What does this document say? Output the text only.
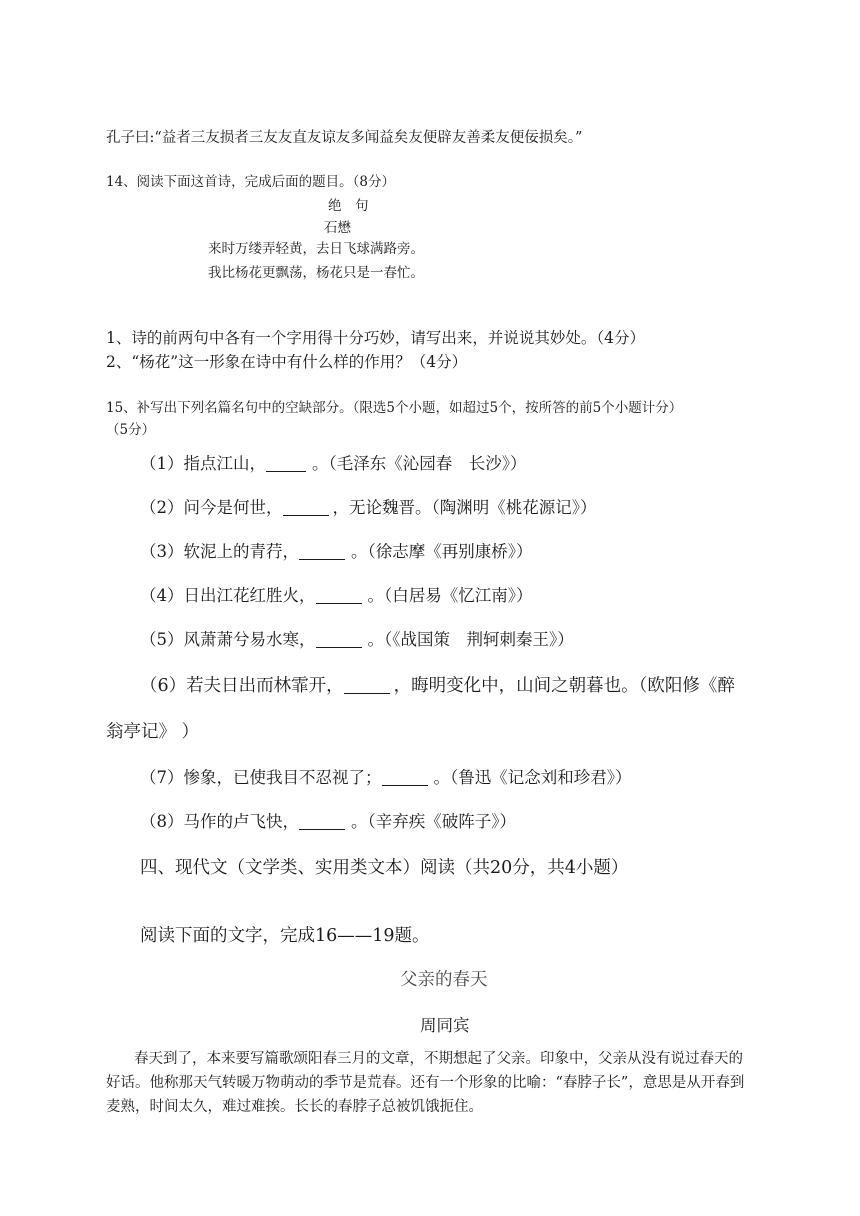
孔子曰:“益者三友损者三友友直友谅友多闻益矣友便辟友善柔友便佞损矣。”
14、阅读下面这首诗，完成后面的题目。（8分）
绝　句
石懋
来时万缕弄轻黄，去日飞球满路旁。
我比杨花更飘荡，杨花只是一春忙。
1、诗的前两句中各有一个字用得十分巧妙，请写出来，并说说其妙处。（4分）
2、“杨花”这一形象在诗中有什么样的作用？（4分）
15、补写出下列名篇名句中的空缺部分。（限选5个小题，如超过5个，按所答的前5个小题计分）
（5分）
（1）指点江山，	。（毛泽东《沁园春　长沙》）
（2）问今是何世，	，无论魏晋。（陶渊明《桃花源记》）
（3）软泥上的青荇，	。（徐志摩《再别康桥》）
（4）日出江花红胜火，	。（白居易《忆江南》）
（5）风萧萧兮易水寒，	。（《战国策　荆轲刺秦王》）
（6）若夫日出而林霏开，	，晦明变化中，山间之朝暮也。（欧阳修《醉
翁亭记》 ）
（7）惨象，已使我目不忍视了；	。（鲁迅《记念刘和珍君》）
（8）马作的卢飞快，	。（辛弃疾《破阵子》）
四、现代文（文学类、实用类文本）阅读（共20分，共4小题）
阅读下面的文字，完成16——19题。
父亲的春天
周同宾
春天到了，本来要写篇歌颂阳春三月的文章，不期想起了父亲。印象中，父亲从没有说过春天的好话。他称那天气转暖万物萌动的季节是荒春。还有一个形象的比喻：“春脖子长”，意思是从开春到麦熟，时间太久，难过难挨。长长的春脖子总被饥饿扼住。
